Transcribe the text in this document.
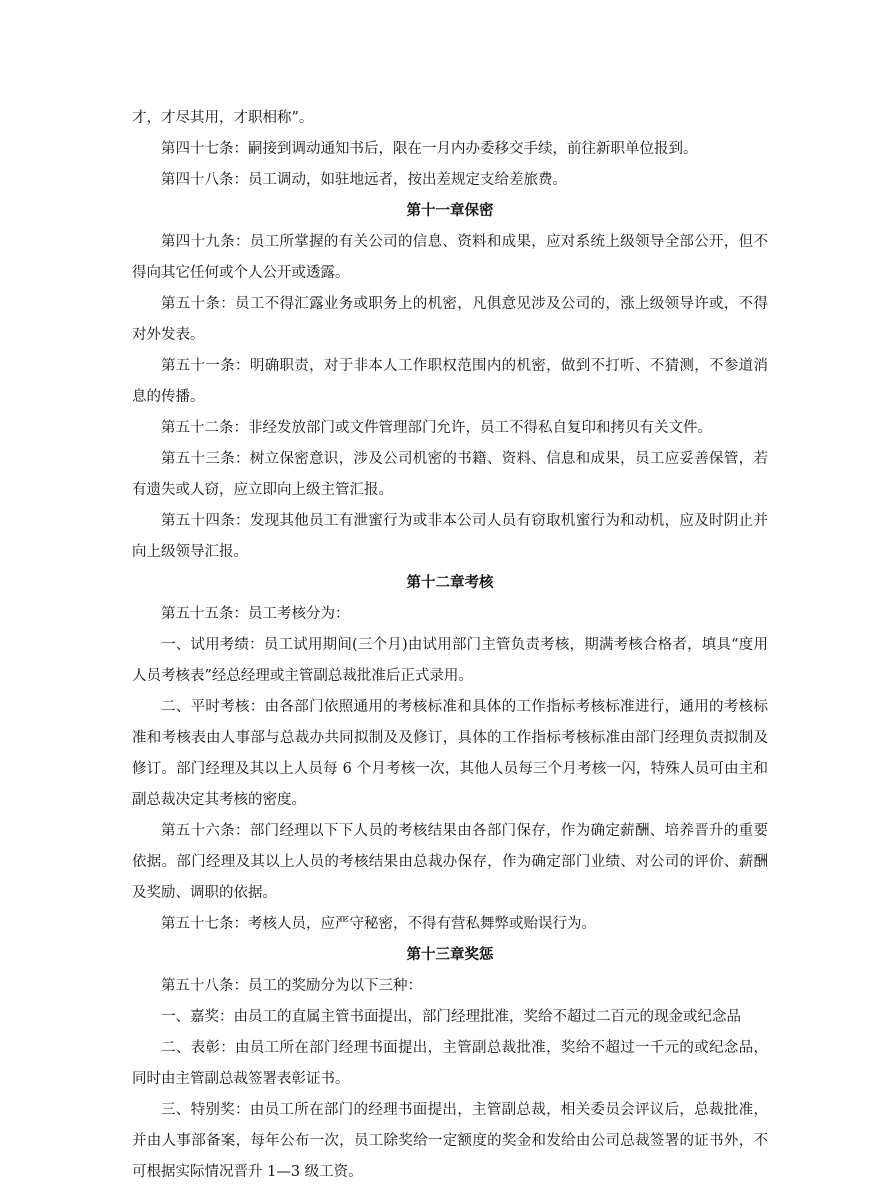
才，才尽其用，才职相称”。

第四十七条：嗣接到调动通知书后，限在一月内办委移交手续，前往新职单位报到。

第四十八条：员工调动，如驻地远者，按出差规定支给差旅费。

第十一章保密

第四十九条：员工所掌握的有关公司的信息、资料和成果，应对系统上级领导全部公开，但不得向其它任何或个人公开或透露。

第五十条：员工不得汇露业务或职务上的机密，凡俱意见涉及公司的，涨上级领导许或，不得对外发表。

第五十一条：明确职责，对于非本人工作职权范围内的机密，做到不打听、不猜测，不参道消息的传播。

第五十二条：非经发放部门或文件管理部门允许，员工不得私自复印和拷贝有关文件。

第五十三条：树立保密意识，涉及公司机密的书籍、资料、信息和成果，员工应妥善保管，若有遗失或人窃，应立即向上级主管汇报。

第五十四条：发现其他员工有泄蜜行为或非本公司人员有窃取机蜜行为和动机，应及时阴止并向上级领导汇报。

第十二章考核

第五十五条：员工考核分为：

一、试用考绩：员工试用期间(三个月)由试用部门主管负责考核，期满考核合格者，填具“度用人员考核表”经总经理或主管副总裁批准后正式录用。

二、平时考核：由各部门依照通用的考核标准和具体的工作指标考核标准进行，通用的考核标准和考核表由人事部与总裁办共同拟制及及修订，具体的工作指标考核标准由部门经理负责拟制及修订。部门经理及其以上人员每 6 个月考核一次，其他人员每三个月考核一闪，特殊人员可由主和副总裁决定其考核的密度。

第五十六条：部门经理以下下人员的考核结果由各部门保存，作为确定薪酬、培养晋升的重要依据。部门经理及其以上人员的考核结果由总裁办保存，作为确定部门业绩、对公司的评价、薪酬及奖励、调职的依据。

第五十七条：考核人员，应严守秘密，不得有营私舞弊或贻误行为。

第十三章奖惩

第五十八条：员工的奖励分为以下三种：

一、嘉奖：由员工的直属主管书面提出，部门经理批准，奖给不超过二百元的现金或纪念品

二、表彰：由员工所在部门经理书面提出，主管副总裁批准，奖给不超过一千元的或纪念品，同时由主管副总裁签署表彰证书。

三、特别奖：由员工所在部门的经理书面提出，主管副总裁，相关委员会评议后，总裁批准，并由人事部备案，每年公布一次，员工除奖给一定额度的奖金和发给由公司总裁签署的证书外，不可根据实际情况晋升 1—3 级工资。
